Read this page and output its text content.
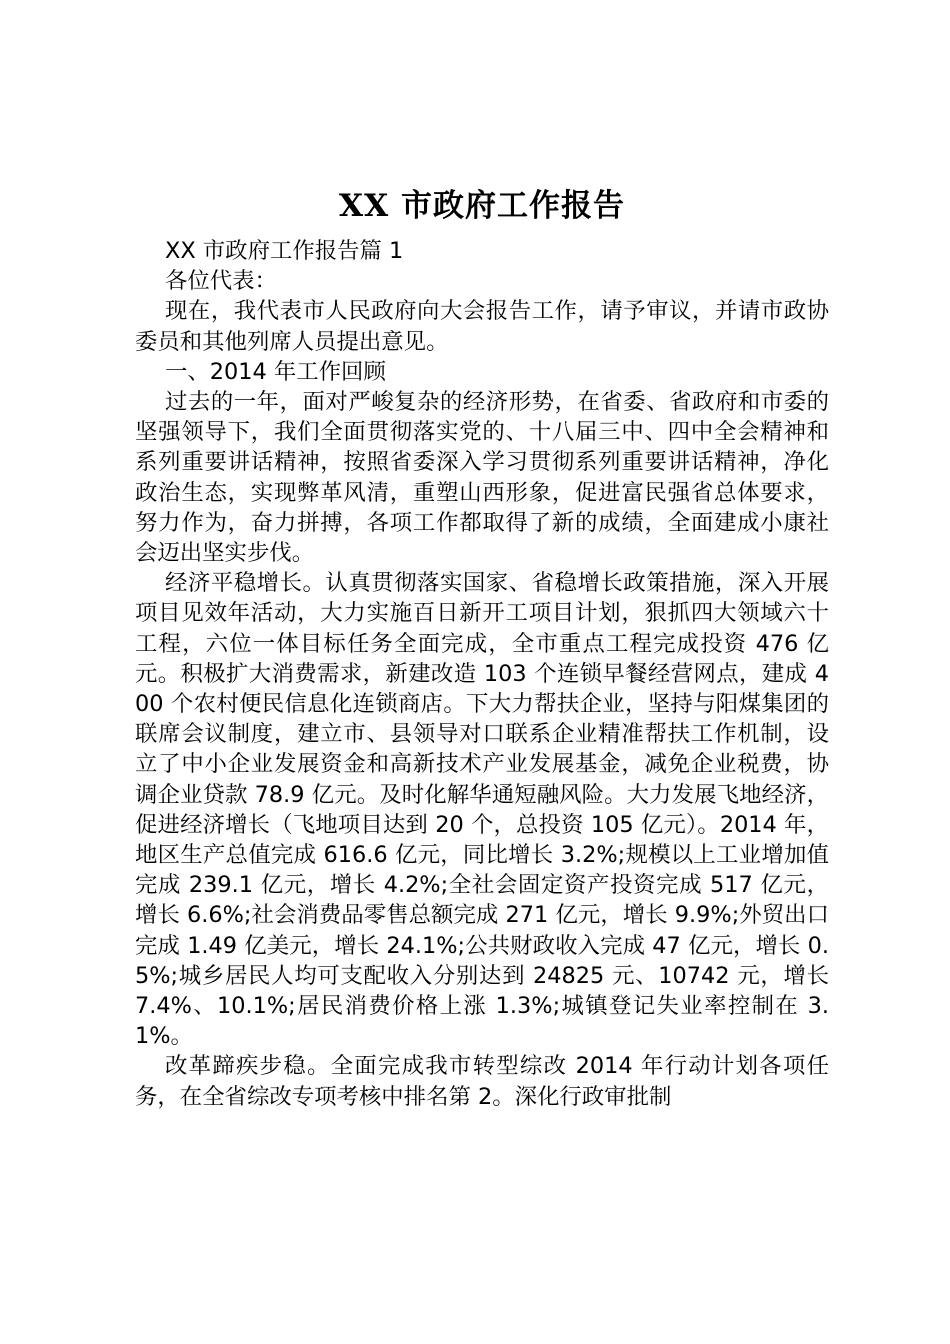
XX 市政府工作报告

XX 市政府工作报告篇 1

各位代表：

现在，我代表市人民政府向大会报告工作，请予审议，并请市政协委员和其他列席人员提出意见。

一、2014 年工作回顾

过去的一年，面对严峻复杂的经济形势，在省委、省政府和市委的坚强领导下，我们全面贯彻落实党的、十八届三中、四中全会精神和系列重要讲话精神，按照省委深入学习贯彻系列重要讲话精神，净化政治生态，实现弊革风清，重塑山西形象，促进富民强省总体要求，努力作为，奋力拼搏，各项工作都取得了新的成绩，全面建成小康社会迈出坚实步伐。

经济平稳增长。认真贯彻落实国家、省稳增长政策措施，深入开展项目见效年活动，大力实施百日新开工项目计划，狠抓四大领域六十工程，六位一体目标任务全面完成，全市重点工程完成投资 476 亿元。积极扩大消费需求，新建改造 103 个连锁早餐经营网点，建成 400 个农村便民信息化连锁商店。下大力帮扶企业，坚持与阳煤集团的联席会议制度，建立市、县领导对口联系企业精准帮扶工作机制，设立了中小企业发展资金和高新技术产业发展基金，减免企业税费，协调企业贷款 78.9 亿元。及时化解华通短融风险。大力发展飞地经济，促进经济增长（飞地项目达到 20 个，总投资 105 亿元）。2014 年，地区生产总值完成 616.6 亿元，同比增长 3.2%;规模以上工业增加值完成 239.1 亿元，增长 4.2%;全社会固定资产投资完成 517 亿元，增长 6.6%;社会消费品零售总额完成 271 亿元，增长 9.9%;外贸出口完成 1.49 亿美元，增长 24.1%;公共财政收入完成 47 亿元，增长 0.5%;城乡居民人均可支配收入分别达到 24825 元、10742 元，增长 7.4%、10.1%;居民消费价格上涨 1.3%;城镇登记失业率控制在 3.1%。

改革蹄疾步稳。全面完成我市转型综改 2014 年行动计划各项任务，在全省综改专项考核中排名第 2。深化行政审批制
